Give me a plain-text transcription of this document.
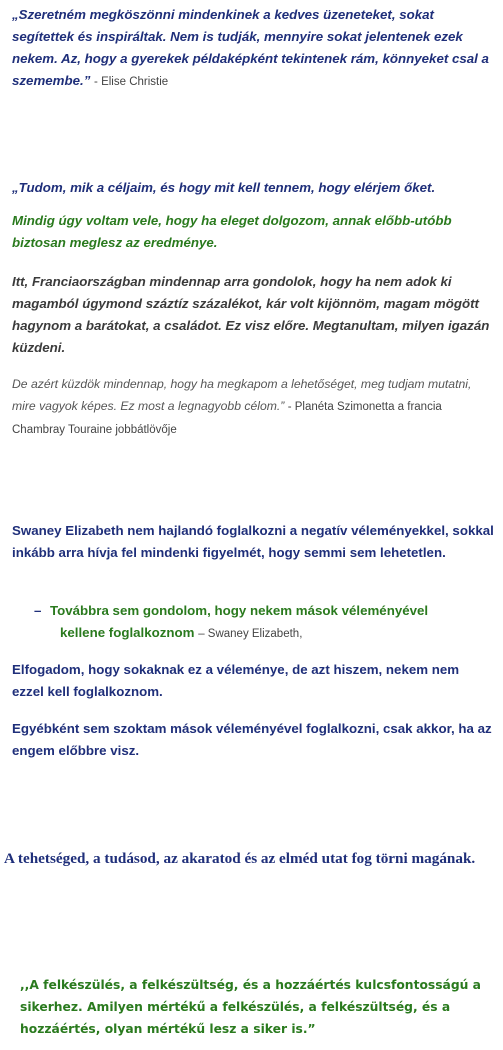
„Szeretném megköszönni mindenkinek a kedves üzeneteket, sokat segítettek és inspiráltak. Nem is tudják, mennyire sokat jelentenek ezek nekem. Az, hogy a gyerekek példaképként tekintenek rám, könnyeket csal a szemembe.” - Elise Christie

„Tudom, mik a céljaim, és hogy mit kell tennem, hogy elérjem őket.

Mindig úgy voltam vele, hogy ha eleget dolgozom, annak előbb-utóbb biztosan meglesz az eredménye.

Itt, Franciaországban mindennap arra gondolok, hogy ha nem adok ki magamból úgymond száztíz százalékot, kár volt kijönnöm, magam mögött hagynom a barátokat, a családot. Ez visz előre. Megtanultam, milyen igazán küzdeni.

De azért küzdök mindennap, hogy ha megkapom a lehetőséget, meg tudjam mutatni, mire vagyok képes. Ez most a legnagyobb célom.” - Planéta Szimonetta a francia Chambray Touraine jobbátlövője

Swaney Elizabeth nem hajlandó foglalkozni a negatív véleményekkel, sokkal inkább arra hívja fel mindenki figyelmét, hogy semmi sem lehetetlen.

– Továbbra sem gondolom, hogy nekem mások véleményével
kellene foglalkoznom – Swaney Elizabeth,

Elfogadom, hogy sokaknak ez a véleménye, de azt hiszem, nekem nem ezzel kell foglalkoznom.

Egyébként sem szoktam mások véleményével foglalkozni, csak akkor, ha az engem előbbre visz.

A tehetséged, a tudásod, az akaratod és az elméd utat fog törni magának.

,,A felkészülés, a felkészültség, és a hozzáértés kulcsfontosságú a sikerhez. Amilyen mértékű a felkészülés, a felkészültség, és a hozzáértés, olyan mértékű lesz a siker is.”
